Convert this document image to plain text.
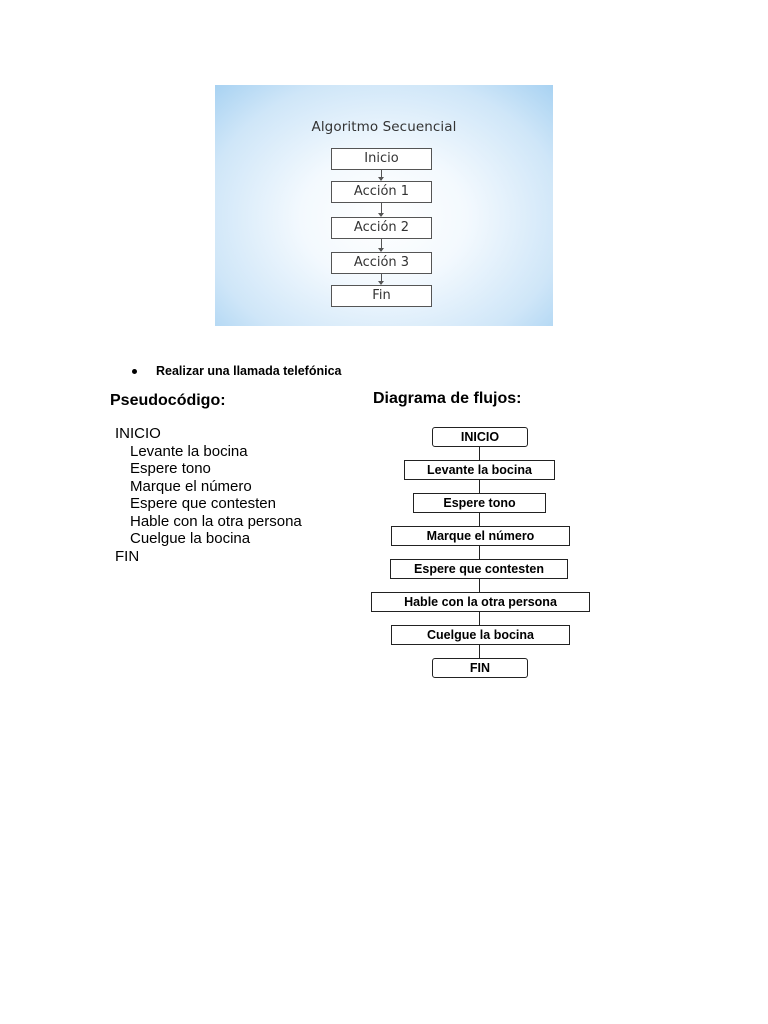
Algoritmo Secuencial
Inicio
Acción 1
Acción 2
Acción 3
Fin
Realizar una llamada telefónica
Pseudocódigo:
INICIO
Levante la bocina
Espere tono
Marque el número
Espere que contesten
Hable con la otra persona
Cuelgue la bocina
FIN
Diagrama de flujos:
INICIO
Levante la bocina
Espere tono
Marque el número
Espere que contesten
Hable con la otra persona
Cuelgue la bocina
FIN
